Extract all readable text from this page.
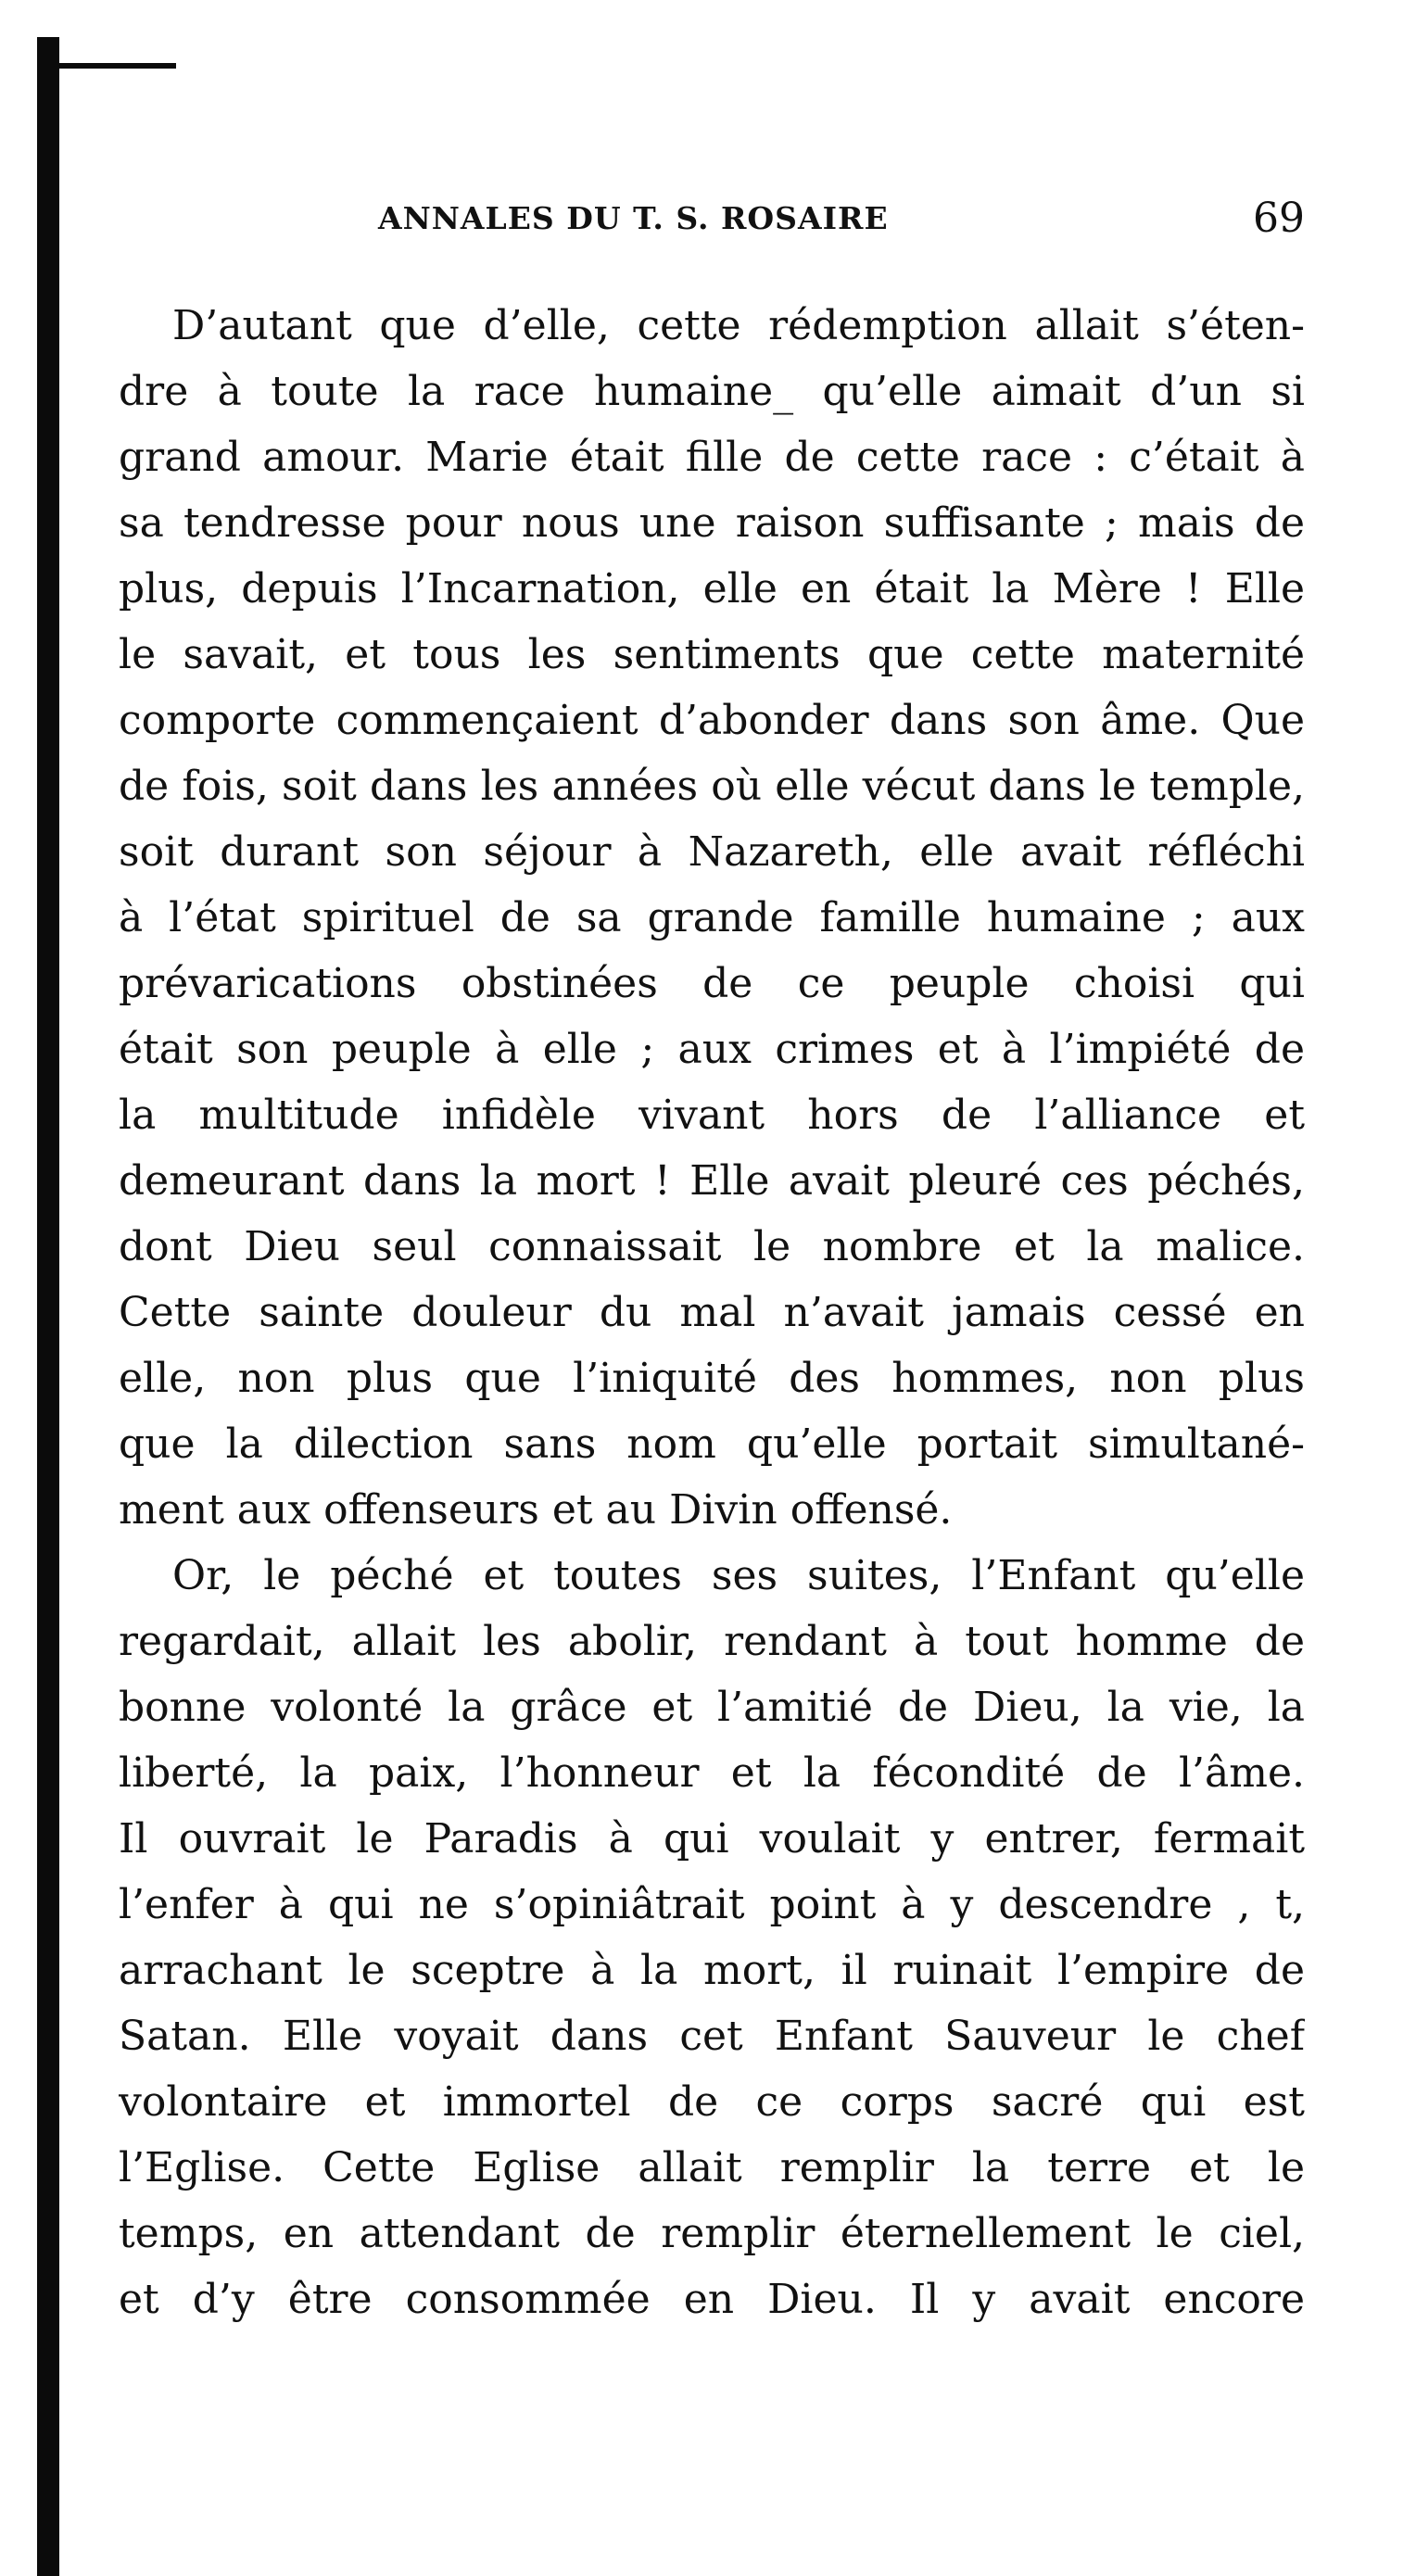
ANNALES DU T. S. ROSAIRE	69
D’autant que d’elle, cette rédemption allait s’éten-
dre à toute la race humaine_ qu’elle aimait d’un si
grand amour. Marie était fille de cette race : c’était à
sa tendresse pour nous une raison suffisante ; mais de
plus, depuis l’Incarnation, elle en était la Mère ! Elle
le savait, et tous les sentiments que cette maternité
comporte commençaient d’abonder dans son âme. Que
de fois, soit dans les années où elle vécut dans le temple,
soit durant son séjour à Nazareth, elle avait réfléchi
à l’état spirituel de sa grande famille humaine ; aux
prévarications obstinées de ce peuple choisi qui
était son peuple à elle ; aux crimes et à l’impiété de
la multitude infidèle vivant hors de l’alliance et
demeurant dans la mort ! Elle avait pleuré ces péchés,
dont Dieu seul connaissait le nombre et la malice.
Cette sainte douleur du mal n’avait jamais cessé en
elle, non plus que l’iniquité des hommes, non plus
que la dilection sans nom qu’elle portait simultané-
ment aux offenseurs et au Divin offensé.
Or, le péché et toutes ses suites, l’Enfant qu’elle
regardait, allait les abolir, rendant à tout homme de
bonne volonté la grâce et l’amitié de Dieu, la vie, la
liberté, la paix, l’honneur et la fécondité de l’âme.
Il ouvrait le Paradis à qui voulait y entrer, fermait
l’enfer à qui ne s’opiniâtrait point à y descendre , t,
arrachant le sceptre à la mort, il ruinait l’empire de
Satan. Elle voyait dans cet Enfant Sauveur le chef
volontaire et immortel de ce corps sacré qui est
l’Eglise. Cette Eglise allait remplir la terre et le
temps, en attendant de remplir éternellement le ciel,
et d’y être consommée en Dieu. Il y avait encore
